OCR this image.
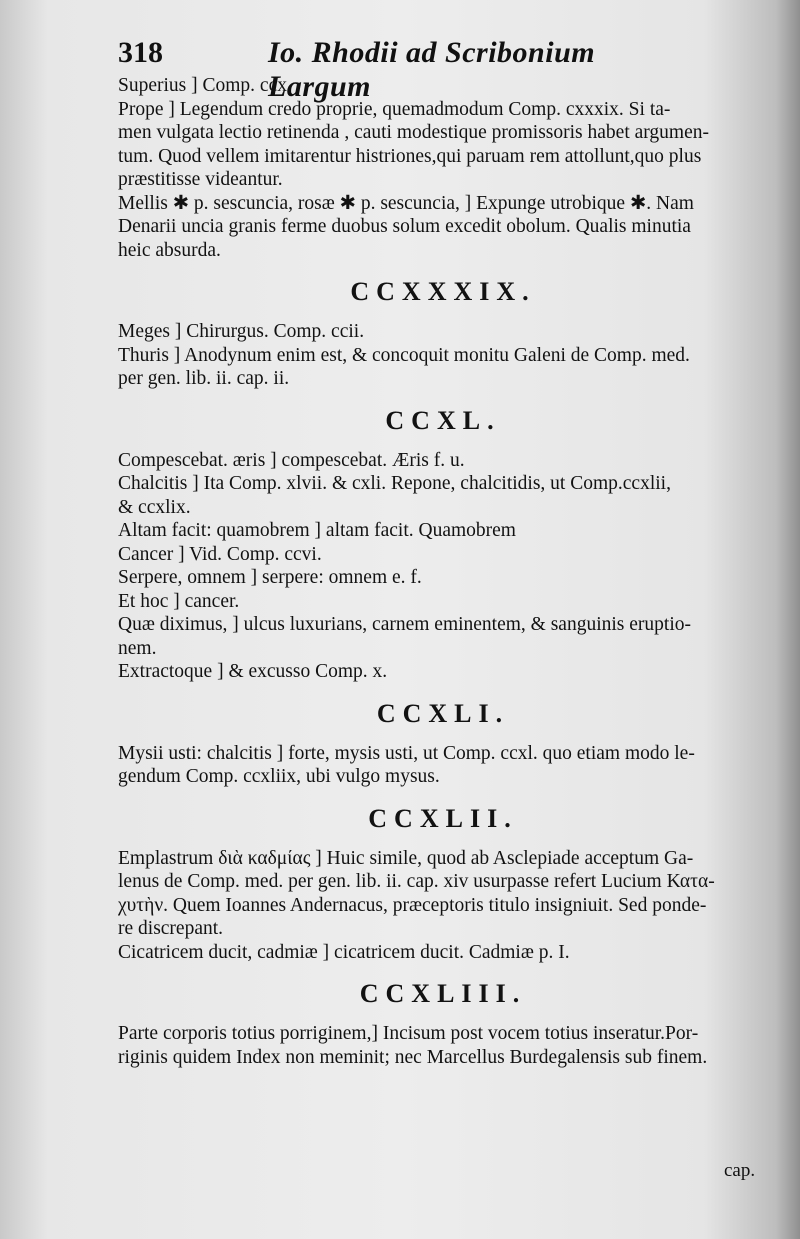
318	Io. Rhodii ad Scribonium Largum
Superius ] Comp. ccx.
Prope ] Legendum credo proprie, quemadmodum Comp. cxxxix. Si ta-
men vulgata lectio retinenda , cauti modestique promissoris habet argumen-
tum. Quod vellem imitarentur histriones,qui paruam rem attollunt,quo plus
præstitisse videantur.
Mellis ✱ p. sescuncia, rosæ ✱ p. sescuncia, ] Expunge utrobique ✱. Nam
Denarii uncia granis ferme duobus solum excedit obolum. Qualis minutia
heic absurda.
CCXXXIX.
Meges ] Chirurgus. Comp. ccii.
Thuris ] Anodynum enim est, & concoquit monitu Galeni de Comp. med.
per gen. lib. ii. cap. ii.
CCXL.
Compescebat. æris ] compescebat. Æris f. u.
Chalcitis ] Ita Comp. xlvii. & cxli. Repone, chalcitidis, ut Comp.ccxlii,
& ccxlix.
Altam facit: quamobrem ] altam facit. Quamobrem
Cancer ] Vid. Comp. ccvi.
Serpere, omnem ] serpere: omnem e. f.
Et hoc ] cancer.
Quæ diximus, ] ulcus luxurians, carnem eminentem, & sanguinis eruptio-
nem.
Extractoque ] & excusso Comp. x.
CCXLI.
Mysii usti: chalcitis ] forte, mysis usti, ut Comp. ccxl. quo etiam modo le-
gendum Comp. ccxliix, ubi vulgo mysus.
CCXLII.
Emplastrum διὰ καδμίας ] Huic simile, quod ab Asclepiade acceptum Ga-
lenus de Comp. med. per gen. lib. ii. cap. xiv usurpasse refert Lucium Κατα-
χυτὴν. Quem Ioannes Andernacus, præceptoris titulo insigniuit. Sed ponde-
re discrepant.
Cicatricem ducit, cadmiæ ] cicatricem ducit. Cadmiæ p. I.
CCXLIII.
Parte corporis totius porriginem,] Incisum post vocem totius inseratur.Por-
riginis quidem Index non meminit; nec Marcellus Burdegalensis sub finem.
cap.
